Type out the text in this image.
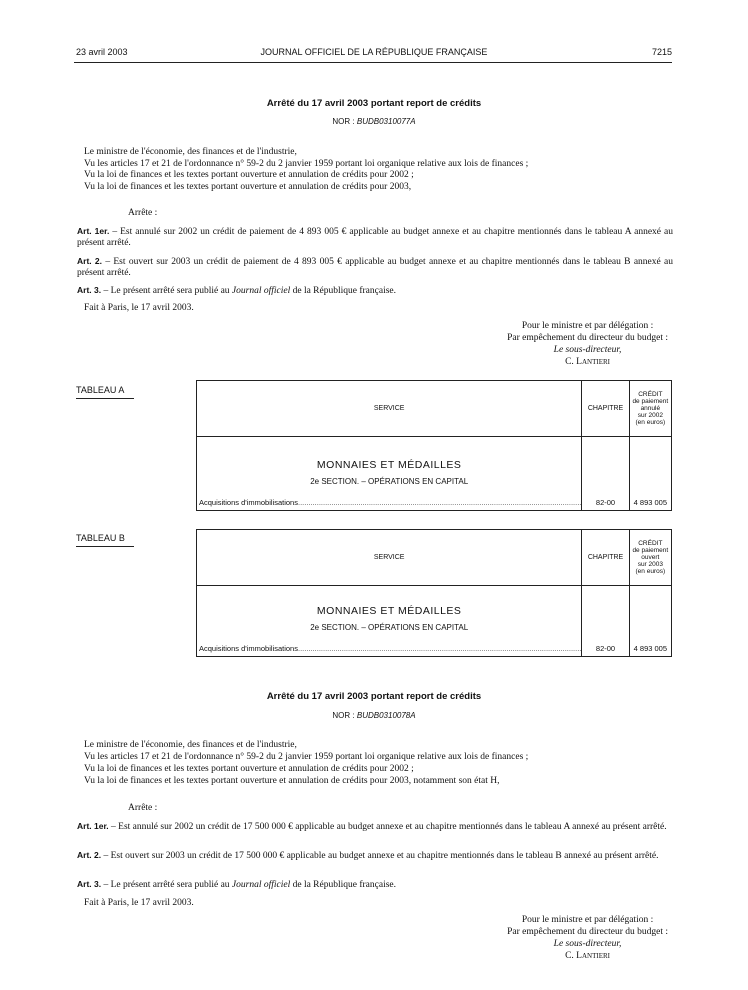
23 avril 2003	JOURNAL OFFICIEL DE LA RÉPUBLIQUE FRANÇAISE	7215
Arrêté du 17 avril 2003 portant report de crédits
NOR : BUDB0310077A
Le ministre de l'économie, des finances et de l'industrie,
Vu les articles 17 et 21 de l'ordonnance n° 59-2 du 2 janvier 1959 portant loi organique relative aux lois de finances ;
Vu la loi de finances et les textes portant ouverture et annulation de crédits pour 2002 ;
Vu la loi de finances et les textes portant ouverture et annulation de crédits pour 2003,
Arrête :
Art. 1er. – Est annulé sur 2002 un crédit de paiement de 4 893 005 € applicable au budget annexe et au chapitre mentionnés dans le tableau A annexé au présent arrêté.
Art. 2. – Est ouvert sur 2003 un crédit de paiement de 4 893 005 € applicable au budget annexe et au chapitre mentionnés dans le tableau B annexé au présent arrêté.
Art. 3. – Le présent arrêté sera publié au Journal officiel de la République française.
Fait à Paris, le 17 avril 2003.
Pour le ministre et par délégation :
Par empêchement du directeur du budget :
Le sous-directeur,
C. Lantieri
TABLEAU A
SERVICE	CHAPITRE	CRÉDIT
de paiement
annulé
sur 2002
(en euros)

MONNAIES ET MÉDAILLES
2e SECTION. – OPÉRATIONS EN CAPITAL
Acquisitions d'immobilisations........................................................................................................................................	82-00	4 893 005
TABLEAU B
SERVICE	CHAPITRE	CRÉDIT
de paiement
ouvert
sur 2003
(en euros)

MONNAIES ET MÉDAILLES
2e SECTION. – OPÉRATIONS EN CAPITAL
Acquisitions d'immobilisations........................................................................................................................................	82-00	4 893 005
Arrêté du 17 avril 2003 portant report de crédits
NOR : BUDB0310078A
Le ministre de l'économie, des finances et de l'industrie,
Vu les articles 17 et 21 de l'ordonnance n° 59-2 du 2 janvier 1959 portant loi organique relative aux lois de finances ;
Vu la loi de finances et les textes portant ouverture et annulation de crédits pour 2002 ;
Vu la loi de finances et les textes portant ouverture et annulation de crédits pour 2003, notamment son état H,
Arrête :
Art. 1er. – Est annulé sur 2002 un crédit de 17 500 000 € applicable au budget annexe et au chapitre mentionnés dans le tableau A annexé au présent arrêté.
Art. 2. – Est ouvert sur 2003 un crédit de 17 500 000 € applicable au budget annexe et au chapitre mentionnés dans le tableau B annexé au présent arrêté.
Art. 3. – Le présent arrêté sera publié au Journal officiel de la République française.
Fait à Paris, le 17 avril 2003.
Pour le ministre et par délégation :
Par empêchement du directeur du budget :
Le sous-directeur,
C. Lantieri
